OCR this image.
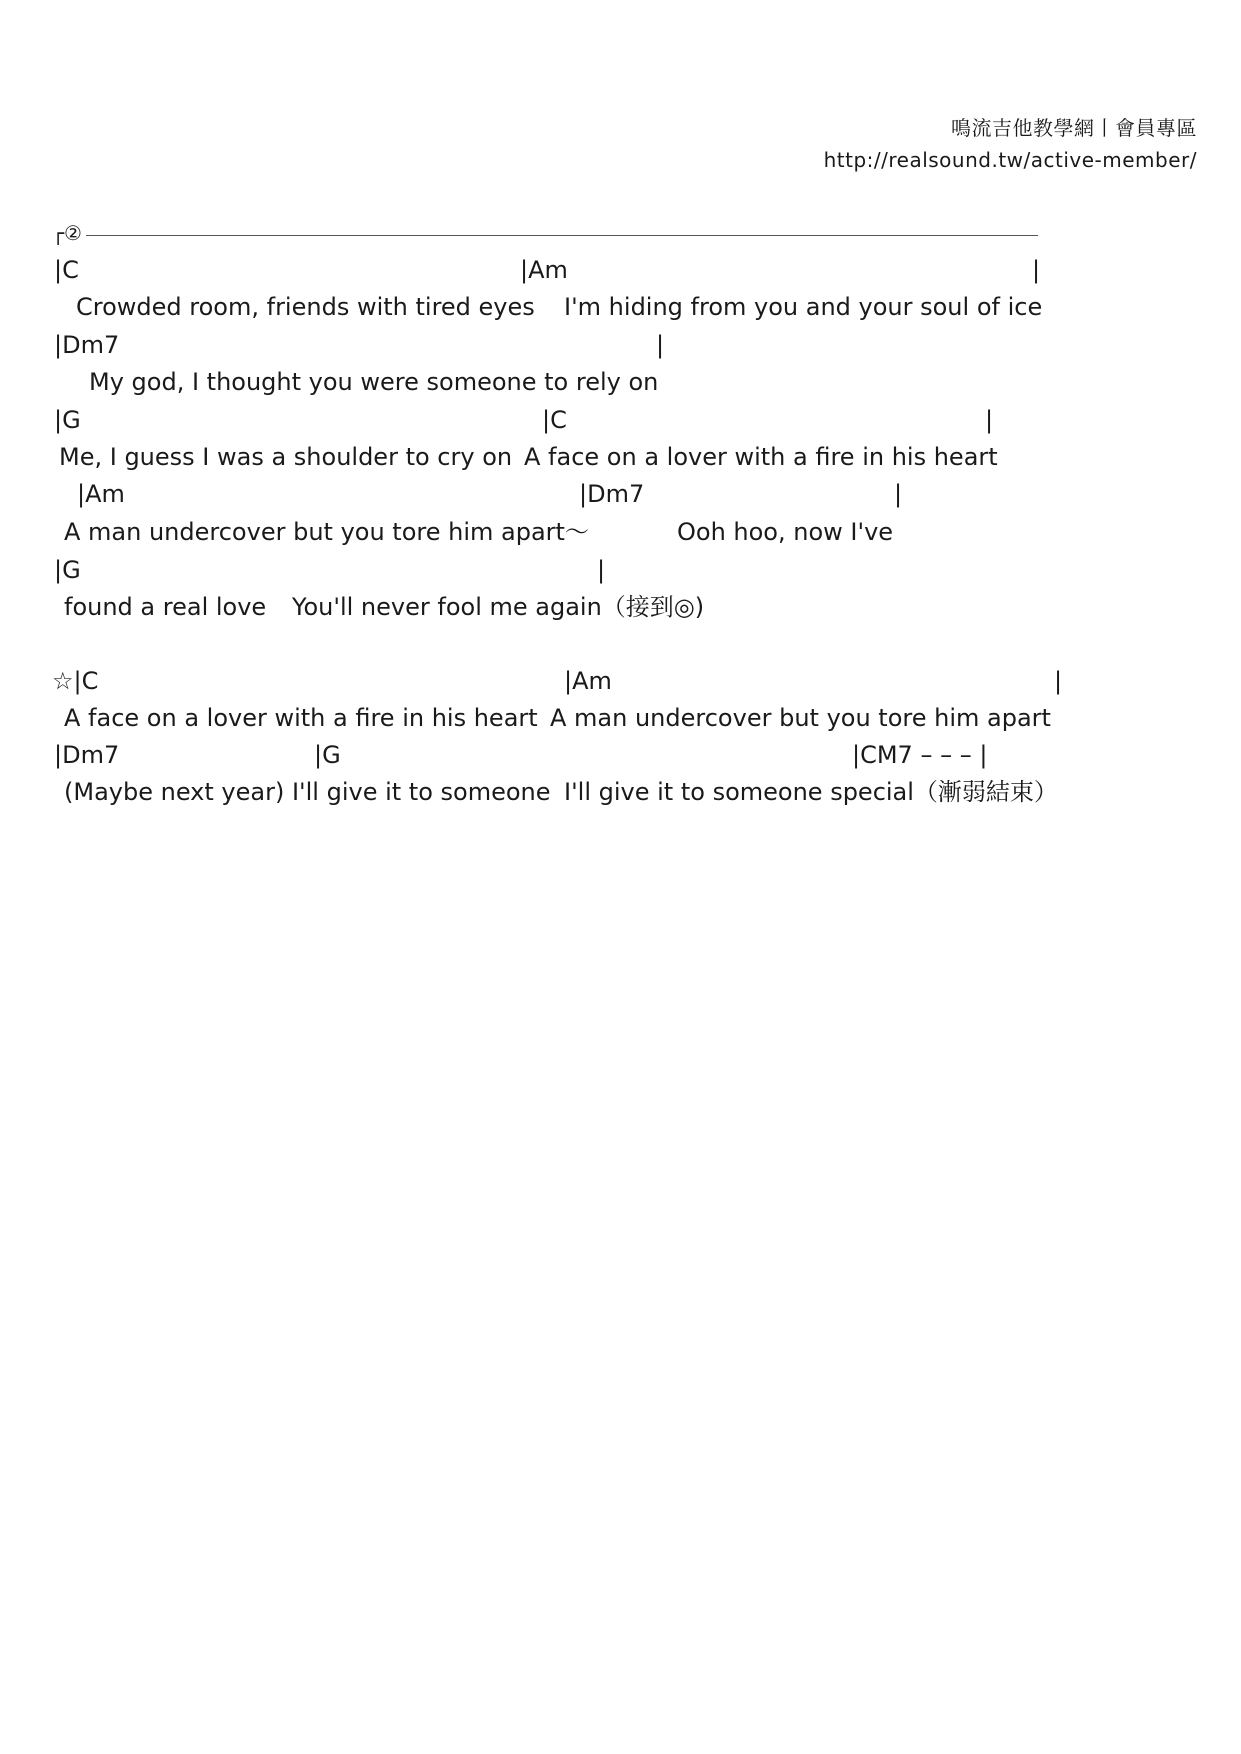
鳴流吉他教學網丨會員專區
http://realsound.tw/active-member/
┌②
|C	|Am	|
Crowded room, friends with tired eyes I'm hiding from you and your soul of ice
|Dm7	|
My god, I thought you were someone to rely on
|G	|C	|
Me, I guess I was a shoulder to cry on A face on a lover with a fire in his heart
|Am	|Dm7	|
A man undercover but you tore him apart～	Ooh hoo, now I've
|G	|
found a real love You'll never fool me again（接到◎)
☆|C	|Am	|
A face on a lover with a fire in his heart A man undercover but you tore him apart
|Dm7	|G	|CM7 – – – |
(Maybe next year) I'll give it to someone I'll give it to someone special（漸弱結束）
